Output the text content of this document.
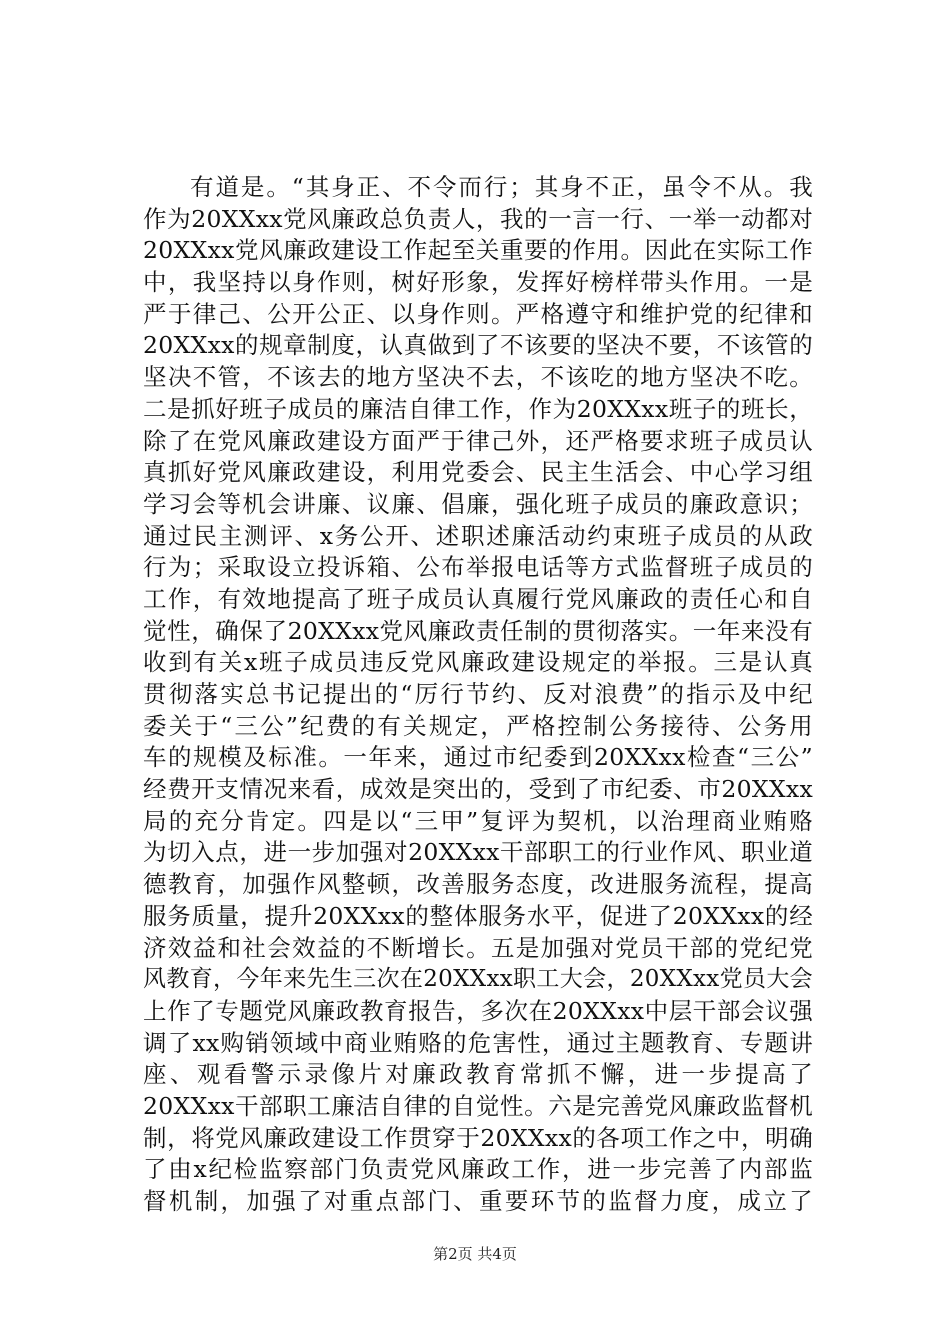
有道是。“其身正、不令而行；其身不正，虽令不从。我
作为20XXxx党风廉政总负责人，我的一言一行、一举一动都对
20XXxx党风廉政建设工作起至关重要的作用。因此在实际工作
中，我坚持以身作则，树好形象，发挥好榜样带头作用。一是
严于律己、公开公正、以身作则。严格遵守和维护党的纪律和
20XXxx的规章制度，认真做到了不该要的坚决不要，不该管的
坚决不管，不该去的地方坚决不去，不该吃的地方坚决不吃。
二是抓好班子成员的廉洁自律工作，作为20XXxx班子的班长，
除了在党风廉政建设方面严于律己外，还严格要求班子成员认
真抓好党风廉政建设，利用党委会、民主生活会、中心学习组
学习会等机会讲廉、议廉、倡廉，强化班子成员的廉政意识；
通过民主测评、x务公开、述职述廉活动约束班子成员的从政
行为；采取设立投诉箱、公布举报电话等方式监督班子成员的
工作，有效地提高了班子成员认真履行党风廉政的责任心和自
觉性，确保了20XXxx党风廉政责任制的贯彻落实。一年来没有
收到有关x班子成员违反党风廉政建设规定的举报。三是认真
贯彻落实总书记提出的“厉行节约、反对浪费”的指示及中纪
委关于“三公”纪费的有关规定，严格控制公务接待、公务用
车的规模及标准。一年来，通过市纪委到20XXxx检查“三公”
经费开支情况来看，成效是突出的，受到了市纪委、市20XXxx
局的充分肯定。四是以“三甲”复评为契机，以治理商业贿赂
为切入点，进一步加强对20XXxx干部职工的行业作风、职业道
德教育，加强作风整顿，改善服务态度，改进服务流程，提高
服务质量，提升20XXxx的整体服务水平，促进了20XXxx的经
济效益和社会效益的不断增长。五是加强对党员干部的党纪党
风教育，今年来先生三次在20XXxx职工大会，20XXxx党员大会
上作了专题党风廉政教育报告，多次在20XXxx中层干部会议强
调了xx购销领域中商业贿赂的危害性，通过主题教育、专题讲
座、观看警示录像片对廉政教育常抓不懈，进一步提高了
20XXxx干部职工廉洁自律的自觉性。六是完善党风廉政监督机
制，将党风廉政建设工作贯穿于20XXxx的各项工作之中，明确
了由x纪检监察部门负责党风廉政工作，进一步完善了内部监
督机制，加强了对重点部门、重要环节的监督力度，成立了
第2页 共4页
